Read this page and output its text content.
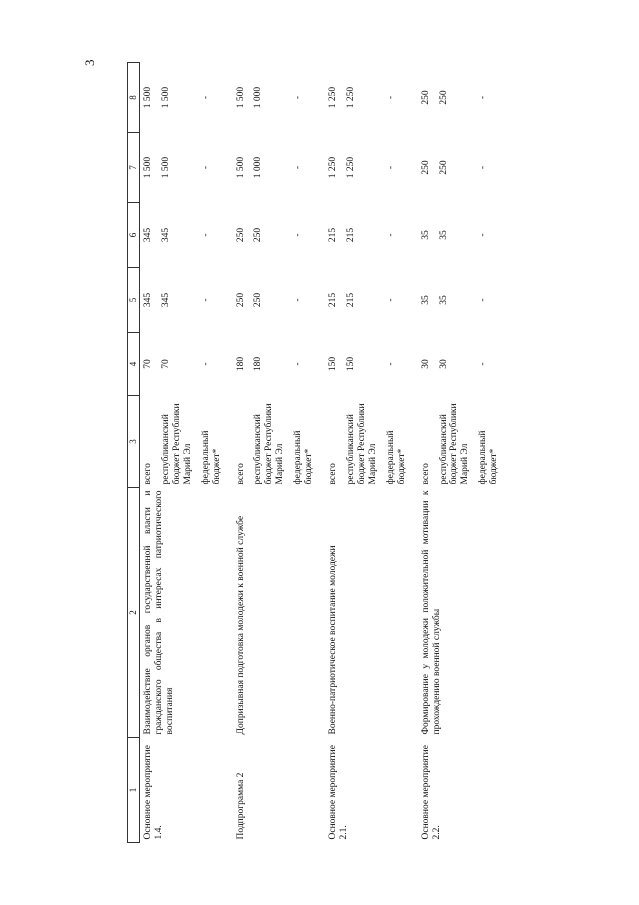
3
1	2	3	4	5	6	7	8
Основное мероприятие 1.4.	Взаимодействие органов государственной власти и гражданского общества в интересах патриотического воспитания	всего	70	345	345	1 500	1 500
		республиканский бюджет Республики Марий Эл	70	345	345	1 500	1 500
		федеральный бюджет*	-	-	-	-	-

Подпрограмма 2	Допризывная подготовка молодежи к военной службе	всего	180	250	250	1 500	1 500
		республиканский бюджет Республики Марий Эл	180	250	250	1 000	1 000
		федеральный бюджет*	-	-	-	-	-

Основное мероприятие 2.1.	Военно-патриотическое воспитание молодежи	всего	150	215	215	1 250	1 250
		республиканский бюджет Республики Марий Эл	150	215	215	1 250	1 250
		федеральный бюджет*	-	-	-	-	-

Основное мероприятие 2.2.	Формирование у молодежи положительной мотивации к прохождению военной службы	всего	30	35	35	250	250
		республиканский бюджет Республики Марий Эл	30	35	35	250	250
		федеральный бюджет*	-	-	-	-	-
